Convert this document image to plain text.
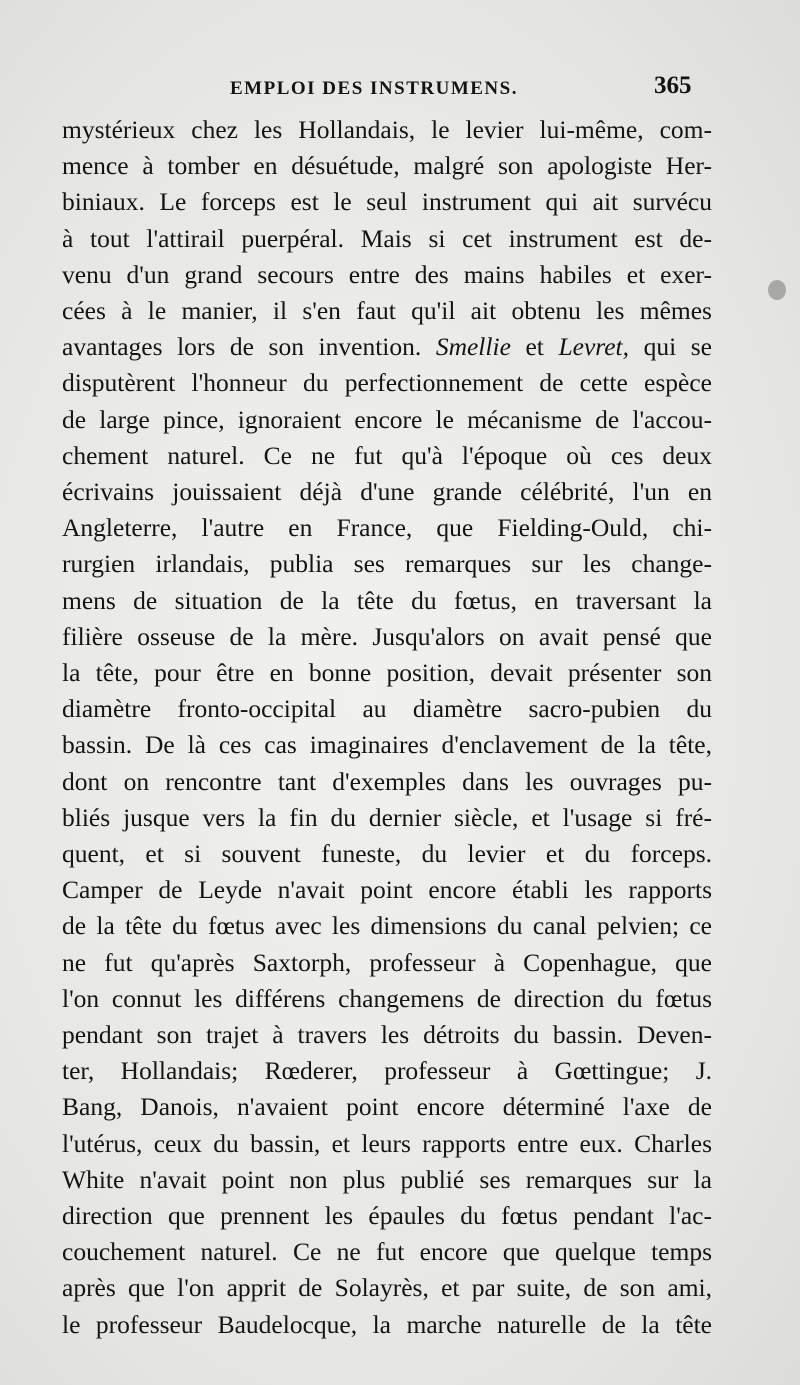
EMPLOI DES INSTRUMENS.	365
mystérieux chez les Hollandais, le levier lui-même, com-
mence à tomber en désuétude, malgré son apologiste Her-
biniaux. Le forceps est le seul instrument qui ait survécu
à tout l'attirail puerpéral. Mais si cet instrument est de-
venu d'un grand secours entre des mains habiles et exer-
cées à le manier, il s'en faut qu'il ait obtenu les mêmes
avantages lors de son invention. Smellie et Levret, qui se
disputèrent l'honneur du perfectionnement de cette espèce
de large pince, ignoraient encore le mécanisme de l'accou-
chement naturel. Ce ne fut qu'à l'époque où ces deux
écrivains jouissaient déjà d'une grande célébrité, l'un en
Angleterre, l'autre en France, que Fielding-Ould, chi-
rurgien irlandais, publia ses remarques sur les change-
mens de situation de la tête du fœtus, en traversant la
filière osseuse de la mère. Jusqu'alors on avait pensé que
la tête, pour être en bonne position, devait présenter son
diamètre fronto-occipital au diamètre sacro-pubien du
bassin. De là ces cas imaginaires d'enclavement de la tête,
dont on rencontre tant d'exemples dans les ouvrages pu-
bliés jusque vers la fin du dernier siècle, et l'usage si fré-
quent, et si souvent funeste, du levier et du forceps.
Camper de Leyde n'avait point encore établi les rapports
de la tête du fœtus avec les dimensions du canal pelvien; ce
ne fut qu'après Saxtorph, professeur à Copenhague, que
l'on connut les différens changemens de direction du fœtus
pendant son trajet à travers les détroits du bassin. Deven-
ter, Hollandais; Rœderer, professeur à Gœttingue; J.
Bang, Danois, n'avaient point encore déterminé l'axe de
l'utérus, ceux du bassin, et leurs rapports entre eux. Charles
White n'avait point non plus publié ses remarques sur la
direction que prennent les épaules du fœtus pendant l'ac-
couchement naturel. Ce ne fut encore que quelque temps
après que l'on apprit de Solayrès, et par suite, de son ami,
le professeur Baudelocque, la marche naturelle de la tête
